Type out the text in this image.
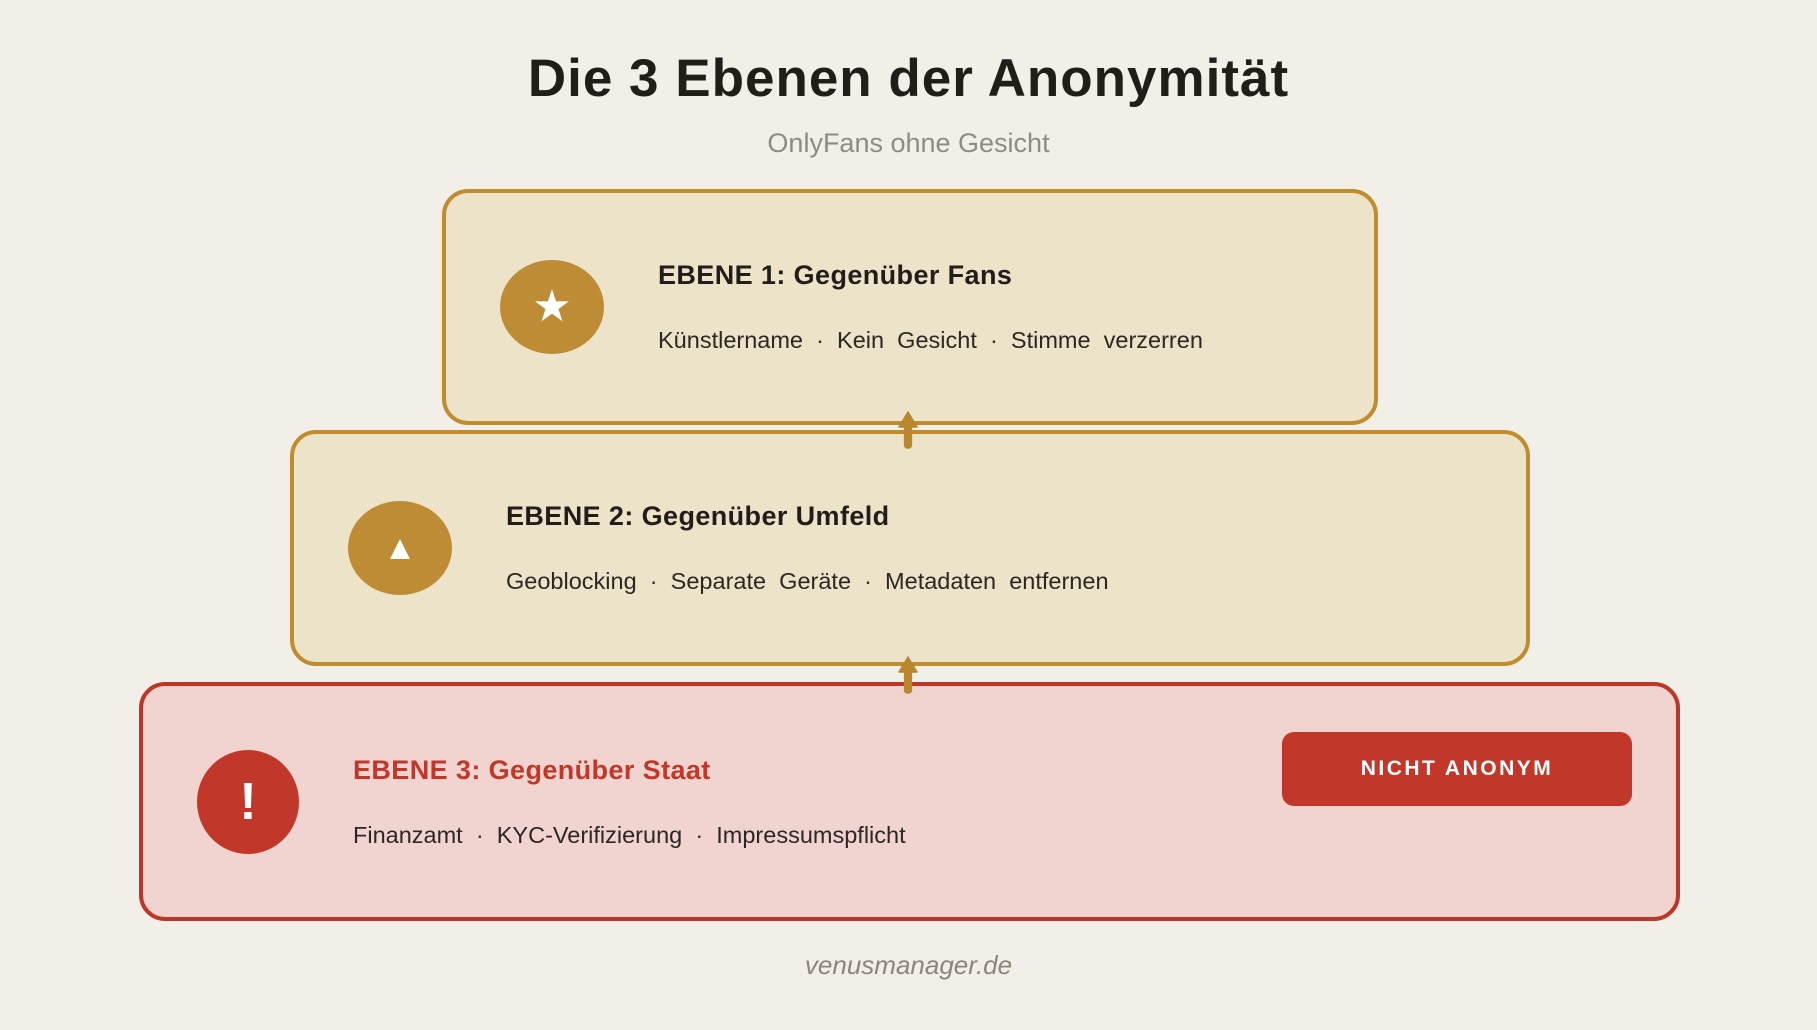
Die 3 Ebenen der Anonymität
OnlyFans ohne Gesicht
★
EBENE 1: Gegenüber Fans
Künstlername · Kein Gesicht · Stimme verzerren
▲
EBENE 2: Gegenüber Umfeld
Geoblocking · Separate Geräte · Metadaten entfernen
!
EBENE 3: Gegenüber Staat
Finanzamt · KYC-Verifizierung · Impressumspflicht
NICHT ANONYM
venusmanager.de
